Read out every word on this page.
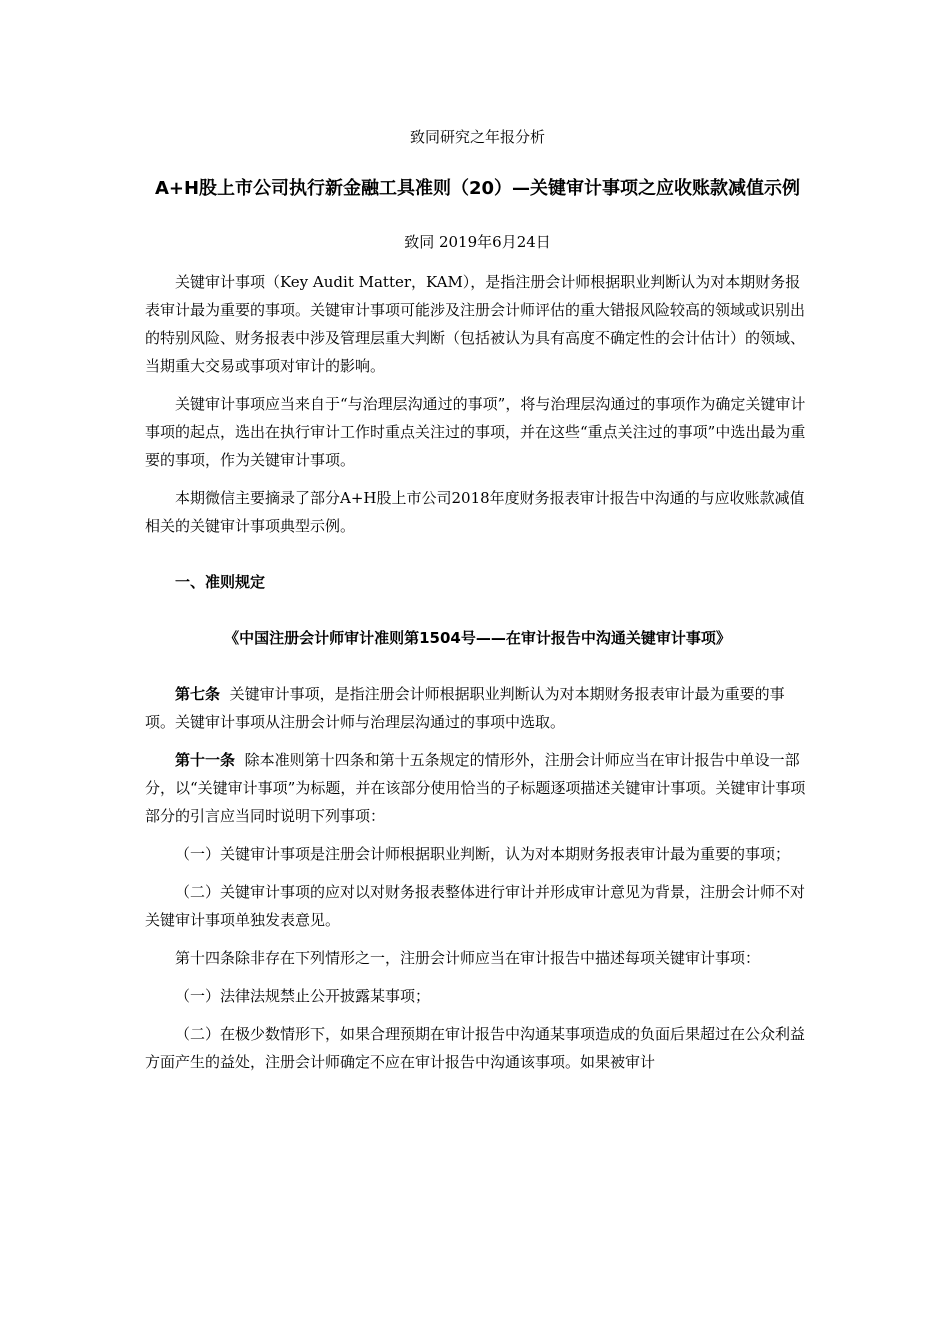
致同研究之年报分析

A+H股上市公司执行新金融工具准则（20）—关键审计事项之应收账款减值示例

致同 2019年6月24日

关键审计事项（Key Audit Matter，KAM），是指注册会计师根据职业判断认为对本期财务报表审计最为重要的事项。关键审计事项可能涉及注册会计师评估的重大错报风险较高的领域或识别出的特别风险、财务报表中涉及管理层重大判断（包括被认为具有高度不确定性的会计估计）的领域、当期重大交易或事项对审计的影响。

关键审计事项应当来自于“与治理层沟通过的事项”，将与治理层沟通过的事项作为确定关键审计事项的起点，选出在执行审计工作时重点关注过的事项，并在这些“重点关注过的事项”中选出最为重要的事项，作为关键审计事项。

本期微信主要摘录了部分A+H股上市公司2018年度财务报表审计报告中沟通的与应收账款减值相关的关键审计事项典型示例。

一、准则规定

《中国注册会计师审计准则第1504号——在审计报告中沟通关键审计事项》

第七条 关键审计事项，是指注册会计师根据职业判断认为对本期财务报表审计最为重要的事项。关键审计事项从注册会计师与治理层沟通过的事项中选取。

第十一条 除本准则第十四条和第十五条规定的情形外，注册会计师应当在审计报告中单设一部分，以“关键审计事项”为标题，并在该部分使用恰当的子标题逐项描述关键审计事项。关键审计事项部分的引言应当同时说明下列事项：

（一）关键审计事项是注册会计师根据职业判断，认为对本期财务报表审计最为重要的事项；

（二）关键审计事项的应对以对财务报表整体进行审计并形成审计意见为背景，注册会计师不对关键审计事项单独发表意见。

第十四条除非存在下列情形之一，注册会计师应当在审计报告中描述每项关键审计事项：

（一）法律法规禁止公开披露某事项；

（二）在极少数情形下，如果合理预期在审计报告中沟通某事项造成的负面后果超过在公众利益方面产生的益处，注册会计师确定不应在审计报告中沟通该事项。如果被审计
